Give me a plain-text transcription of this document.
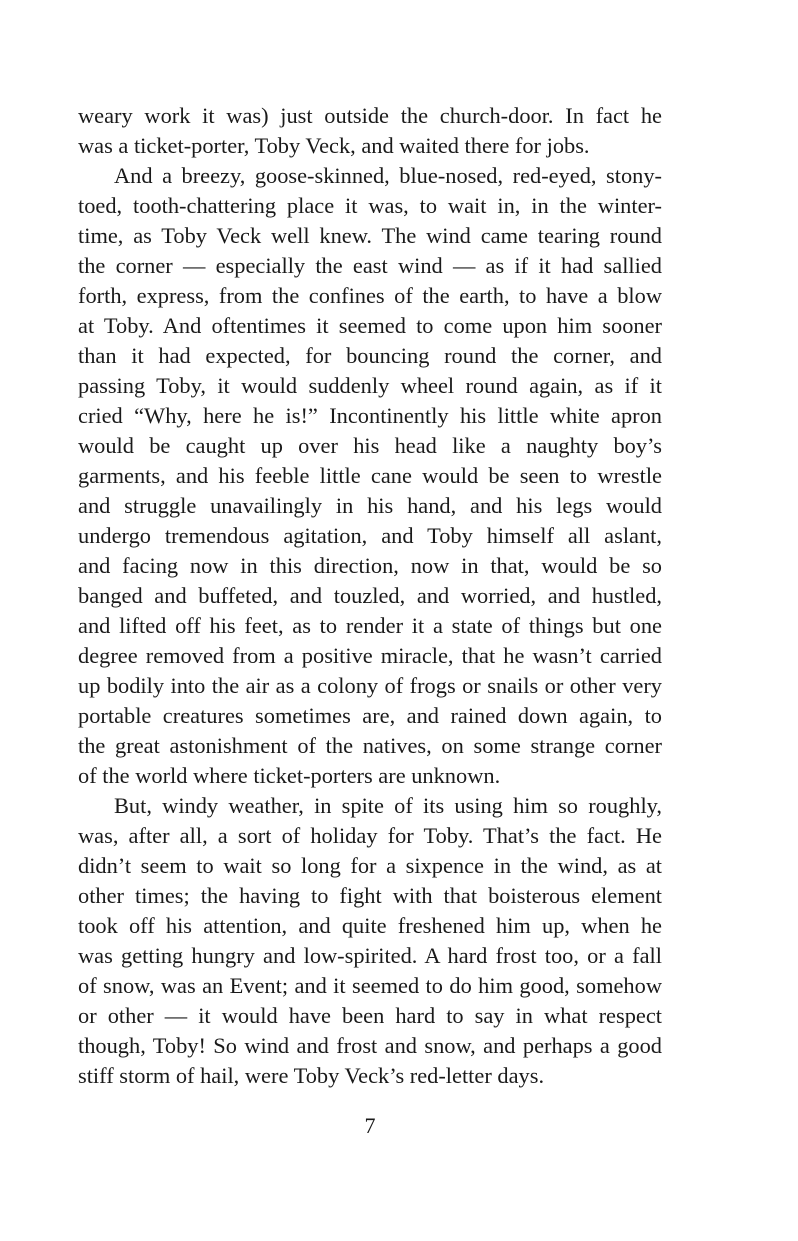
weary work it was) just outside the church-door. In fact he
was a ticket-porter, Toby Veck, and waited there for jobs.
And a breezy, goose-skinned, blue-nosed, red-eyed, stony-
toed, tooth-chattering place it was, to wait in, in the winter-
time, as Toby Veck well knew. The wind came tearing round
the corner — especially the east wind — as if it had sallied
forth, express, from the confines of the earth, to have a blow
at Toby. And oftentimes it seemed to come upon him sooner
than it had expected, for bouncing round the corner, and
passing Toby, it would suddenly wheel round again, as if it
cried “Why, here he is!” Incontinently his little white apron
would be caught up over his head like a naughty boy’s
garments, and his feeble little cane would be seen to wrestle
and struggle unavailingly in his hand, and his legs would
undergo tremendous agitation, and Toby himself all aslant,
and facing now in this direction, now in that, would be so
banged and buffeted, and touzled, and worried, and hustled,
and lifted off his feet, as to render it a state of things but one
degree removed from a positive miracle, that he wasn’t carried
up bodily into the air as a colony of frogs or snails or other very
portable creatures sometimes are, and rained down again, to
the great astonishment of the natives, on some strange corner
of the world where ticket-porters are unknown.
But, windy weather, in spite of its using him so roughly,
was, after all, a sort of holiday for Toby. That’s the fact. He
didn’t seem to wait so long for a sixpence in the wind, as at
other times; the having to fight with that boisterous element
took off his attention, and quite freshened him up, when he
was getting hungry and low-spirited. A hard frost too, or a fall
of snow, was an Event; and it seemed to do him good, somehow
or other — it would have been hard to say in what respect
though, Toby! So wind and frost and snow, and perhaps a good
stiff storm of hail, were Toby Veck’s red-letter days.
7
